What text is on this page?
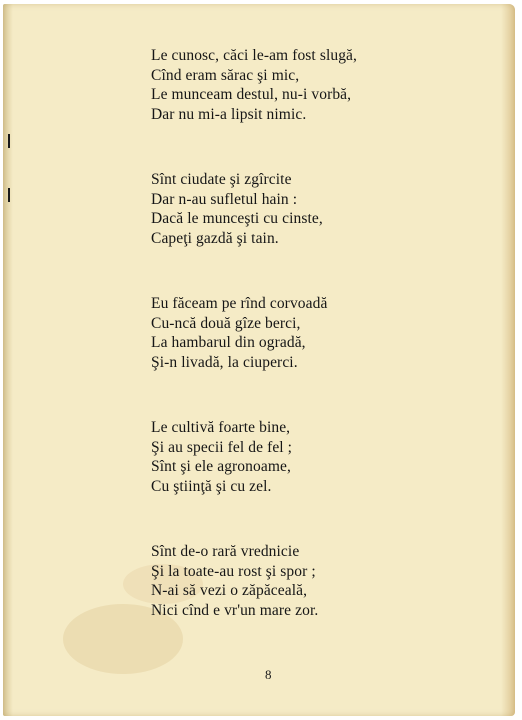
Le cunosc, căci le-am fost slugă,
Cînd eram sărac şi mic,
Le munceam destul, nu-i vorbă,
Dar nu mi-a lipsit nimic.

Sînt ciudate şi zgîrcite
Dar n-au sufletul hain :
Dacă le munceşti cu cinste,
Capeţi gazdă şi tain.

Eu făceam pe rînd corvoadă
Cu-ncă două gîze berci,
La hambarul din ogradă,
Şi-n livadă, la ciuperci.

Le cultivă foarte bine,
Şi au specii fel de fel ;
Sînt şi ele agronoame,
Cu ştiinţă şi cu zel.

Sînt de-o rară vrednicie
Şi la toate-au rost şi spor ;
N-ai să vezi o zăpăceală,
Nici cînd e vr'un mare zor.

8
